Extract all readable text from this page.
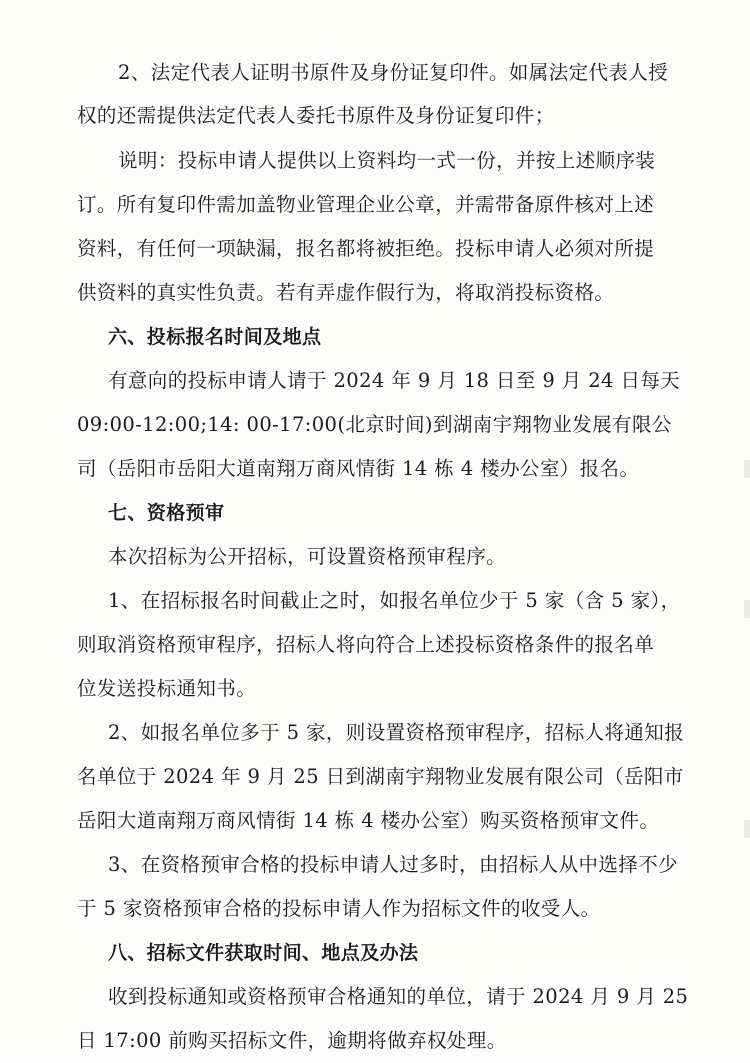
2、法定代表人证明书原件及身份证复印件。如属法定代表人授
权的还需提供法定代表人委托书原件及身份证复印件；
说明：投标申请人提供以上资料均一式一份，并按上述顺序装
订。所有复印件需加盖物业管理企业公章，并需带备原件核对上述
资料，有任何一项缺漏，报名都将被拒绝。投标申请人必须对所提
供资料的真实性负责。若有弄虚作假行为，将取消投标资格。
六、投标报名时间及地点
有意向的投标申请人请于 2024 年 9 月 18 日至 9 月 24 日每天
09:00-12:00;14: 00-17:00(北京时间)到湖南宇翔物业发展有限公
司（岳阳市岳阳大道南翔万商风情街 14 栋 4 楼办公室）报名。
七、资格预审
本次招标为公开招标，可设置资格预审程序。
1、在招标报名时间截止之时，如报名单位少于 5 家（含 5 家），
则取消资格预审程序，招标人将向符合上述投标资格条件的报名单
位发送投标通知书。
2、如报名单位多于 5 家，则设置资格预审程序，招标人将通知报
名单位于 2024 年 9 月 25 日到湖南宇翔物业发展有限公司（岳阳市
岳阳大道南翔万商风情街 14 栋 4 楼办公室）购买资格预审文件。
3、在资格预审合格的投标申请人过多时，由招标人从中选择不少
于 5 家资格预审合格的投标申请人作为招标文件的收受人。
八、招标文件获取时间、地点及办法
收到投标通知或资格预审合格通知的单位，请于 2024 月 9 月 25
日 17:00 前购买招标文件，逾期将做弃权处理。
